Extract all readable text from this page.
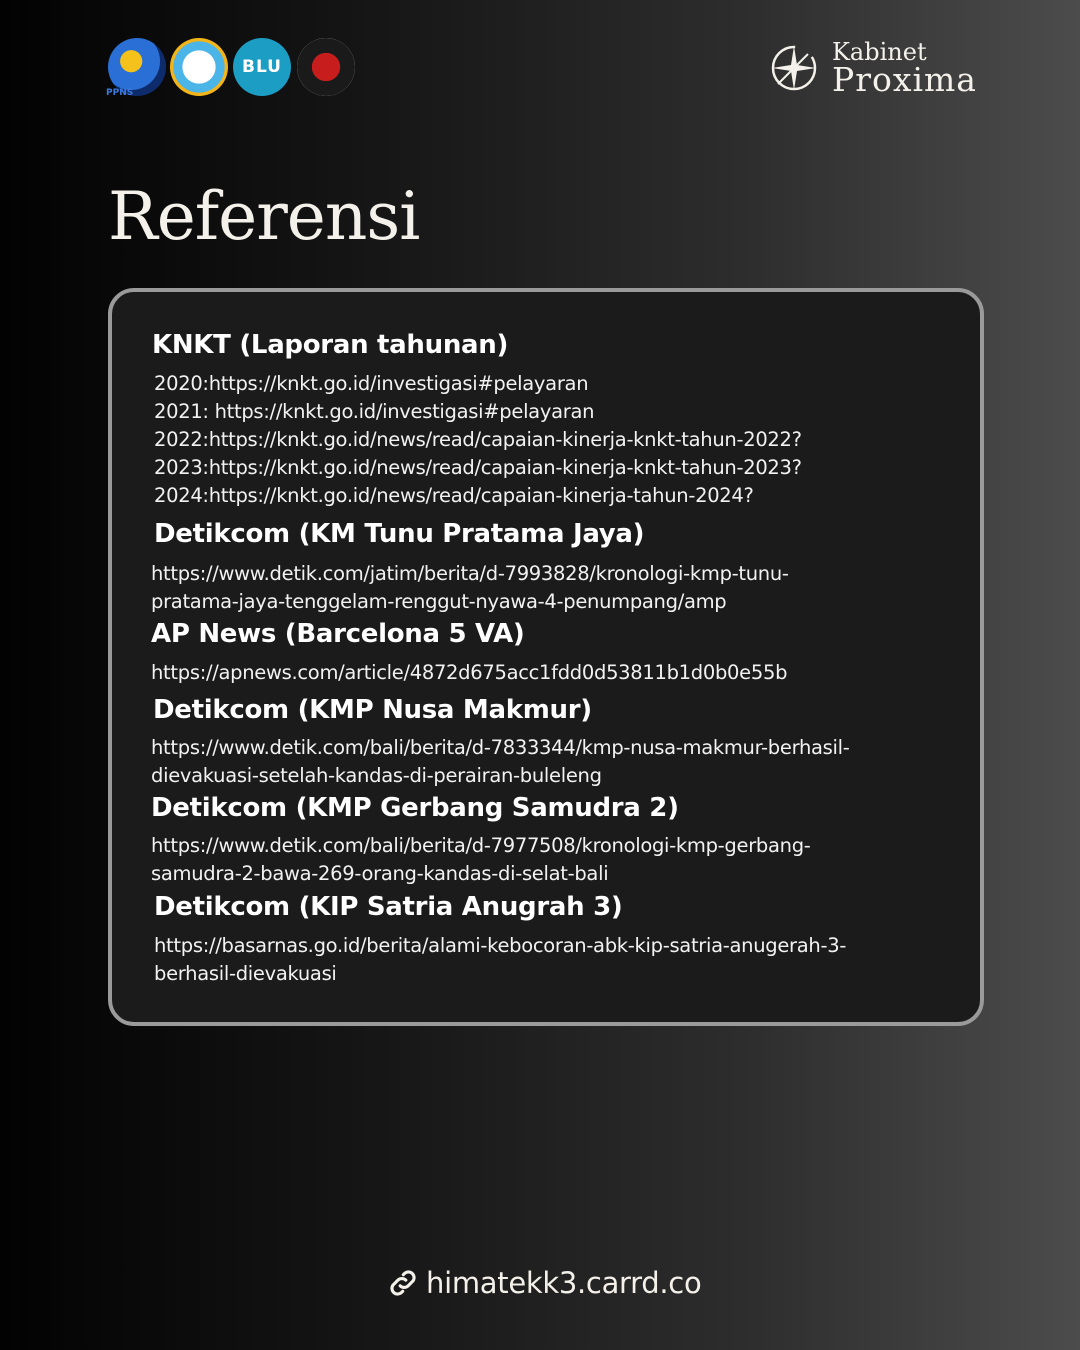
PPNS
BLU
Kabinet
Proxima
Referensi
KNKT (Laporan tahunan)
2020:https://knkt.go.id/investigasi#pelayaran
2021: https://knkt.go.id/investigasi#pelayaran
2022:https://knkt.go.id/news/read/capaian-kinerja-knkt-tahun-2022?
2023:https://knkt.go.id/news/read/capaian-kinerja-knkt-tahun-2023?
2024:https://knkt.go.id/news/read/capaian-kinerja-tahun-2024?
Detikcom (KM Tunu Pratama Jaya)
https://www.detik.com/jatim/berita/d-7993828/kronologi-kmp-tunu-
pratama-jaya-tenggelam-renggut-nyawa-4-penumpang/amp
AP News (Barcelona 5 VA)
https://apnews.com/article/4872d675acc1fdd0d53811b1d0b0e55b
Detikcom (KMP Nusa Makmur)
https://www.detik.com/bali/berita/d-7833344/kmp-nusa-makmur-berhasil-
dievakuasi-setelah-kandas-di-perairan-buleleng
Detikcom (KMP Gerbang Samudra 2)
https://www.detik.com/bali/berita/d-7977508/kronologi-kmp-gerbang-
samudra-2-bawa-269-orang-kandas-di-selat-bali
Detikcom (KIP Satria Anugrah 3)
https://basarnas.go.id/berita/alami-kebocoran-abk-kip-satria-anugerah-3-
berhasil-dievakuasi
himatekk3.carrd.co
